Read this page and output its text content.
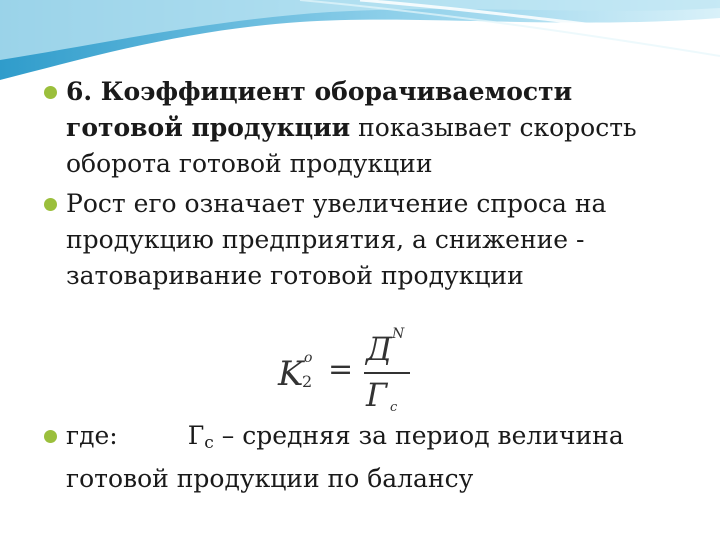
6. Коэффициент оборачиваемости готовой продукции показывает скорость оборота готовой продукции
Рост его означает увеличение спроса на продукцию предприятия, а снижение - затоваривание готовой продукции
K o
2 =
Д N
Г c
где:	Гс – средняя за период величина готовой продукции по балансу
